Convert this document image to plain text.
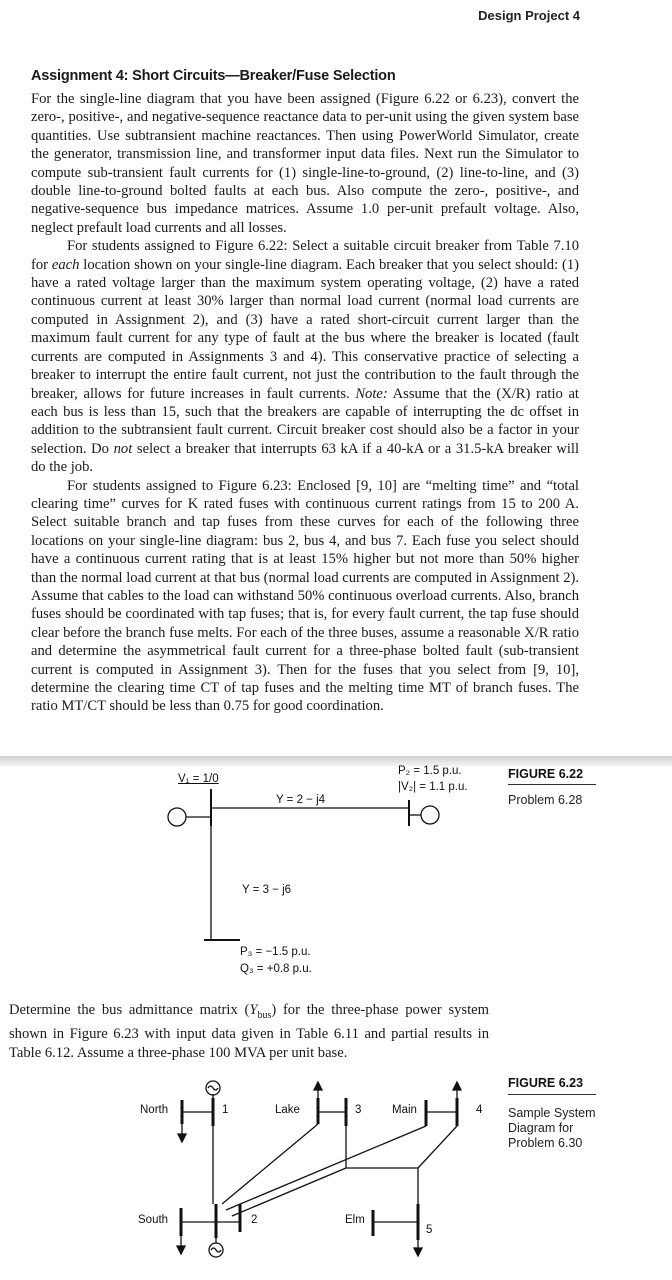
Design Project 4
Assignment 4: Short Circuits—Breaker/Fuse Selection

For the single-line diagram that you have been assigned (Figure 6.22 or 6.23), convert the zero-, positive-, and negative-sequence reactance data to per-unit using the given system base quantities. Use subtransient machine reactances. Then using PowerWorld Simulator, create the generator, transmission line, and transformer input data files. Next run the Simulator to compute sub-transient fault currents for (1) single-line-to-ground, (2) line-to-line, and (3) double line-to-ground bolted faults at each bus. Also compute the zero-, positive-, and negative-sequence bus impedance matrices. Assume 1.0 per-unit prefault voltage. Also, neglect prefault load currents and all losses.

For students assigned to Figure 6.22: Select a suitable circuit breaker from Table 7.10 for each location shown on your single-line diagram. Each breaker that you select should: (1) have a rated voltage larger than the maximum system operating voltage, (2) have a rated continuous current at least 30% larger than normal load current (normal load currents are computed in Assignment 2), and (3) have a rated short-circuit current larger than the maximum fault current for any type of fault at the bus where the breaker is located (fault currents are computed in Assignments 3 and 4). This conservative practice of selecting a breaker to interrupt the entire fault current, not just the contribution to the fault through the breaker, allows for future increases in fault currents. Note: Assume that the (X/R) ratio at each bus is less than 15, such that the breakers are capable of interrupting the dc offset in addition to the subtransient fault current. Circuit breaker cost should also be a factor in your selection. Do not select a breaker that interrupts 63 kA if a 40-kA or a 31.5-kA breaker will do the job.

For students assigned to Figure 6.23: Enclosed [9, 10] are “melting time” and “total clearing time” curves for K rated fuses with continuous current ratings from 15 to 200 A. Select suitable branch and tap fuses from these curves for each of the following three locations on your single-line diagram: bus 2, bus 4, and bus 7. Each fuse you select should have a continuous current rating that is at least 15% higher but not more than 50% higher than the normal load current at that bus (normal load currents are computed in Assignment 2). Assume that cables to the load can withstand 50% continuous overload currents. Also, branch fuses should be coordinated with tap fuses; that is, for every fault current, the tap fuse should clear before the branch fuse melts. For each of the three buses, assume a reasonable X/R ratio and determine the asymmetrical fault current for a three-phase bolted fault (sub-transient current is computed in Assignment 3). Then for the fuses that you select from [9, 10], determine the clearing time CT of tap fuses and the melting time MT of branch fuses. The ratio MT/CT should be less than 0.75 for good coordination.

FIGURE 6.22
Problem 6.28
V₁ = 1/0
P₂ = 1.5 p.u.
|V₂| = 1.1 p.u.
Y = 2 − j4
Y = 3 − j6
P₃ = −1.5 p.u.
Q₃ = +0.8 p.u.
Determine the bus admittance matrix $(Y_{bus})$ for the three-phase power system shown in Figure 6.23 with input data given in Table 6.11 and partial results in Table 6.12. Assume a three-phase 100 MVA per unit base.
FIGURE 6.23
Sample System
Diagram for
Problem 6.30
North	1	Lake	3	Main	4
South	2	Elm
5
